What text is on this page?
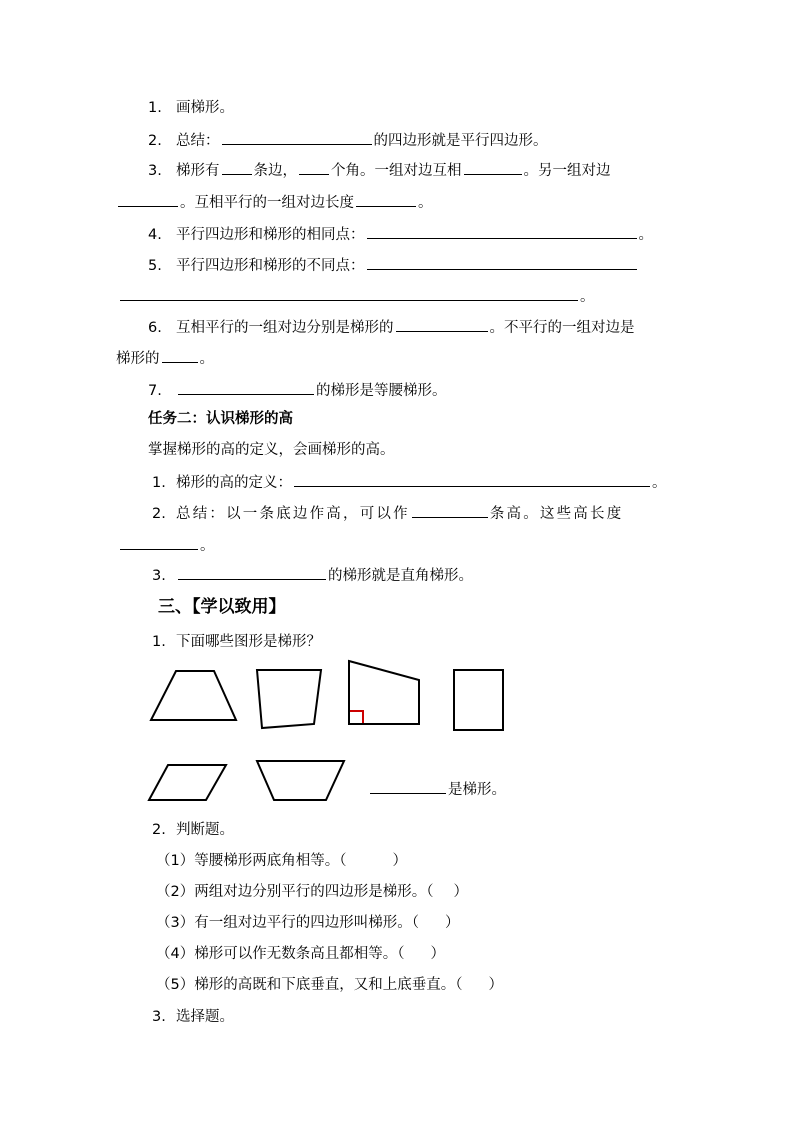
1. 画梯形。
2. 总结：	的四边形就是平行四边形。
3. 梯形有 条边， 个角。一组对边互相	。另一组对边
。互相平行的一组对边长度	。
4. 平行四边形和梯形的相同点：	。
5. 平行四边形和梯形的不同点：
。
6. 互相平行的一组对边分别是梯形的	。不平行的一组对边是
梯形的	。
7.	的梯形是等腰梯形。
任务二：认识梯形的高
掌握梯形的高的定义，会画梯形的高。
1. 梯形的高的定义：	。
2. 总结：以一条底边作高，可以作	条高。这些高长度
。
3.	的梯形就是直角梯形。
三、【学以致用】
1. 下面哪些图形是梯形？
是梯形。
2. 判断题。
（1）等腰梯形两底角相等。（	）
（2）两组对边分别平行的四边形是梯形。（ ）
（3）有一组对边平行的四边形叫梯形。（ ）
（4）梯形可以作无数条高且都相等。（ ）
（5）梯形的高既和下底垂直，又和上底垂直。（ ）
3. 选择题。
